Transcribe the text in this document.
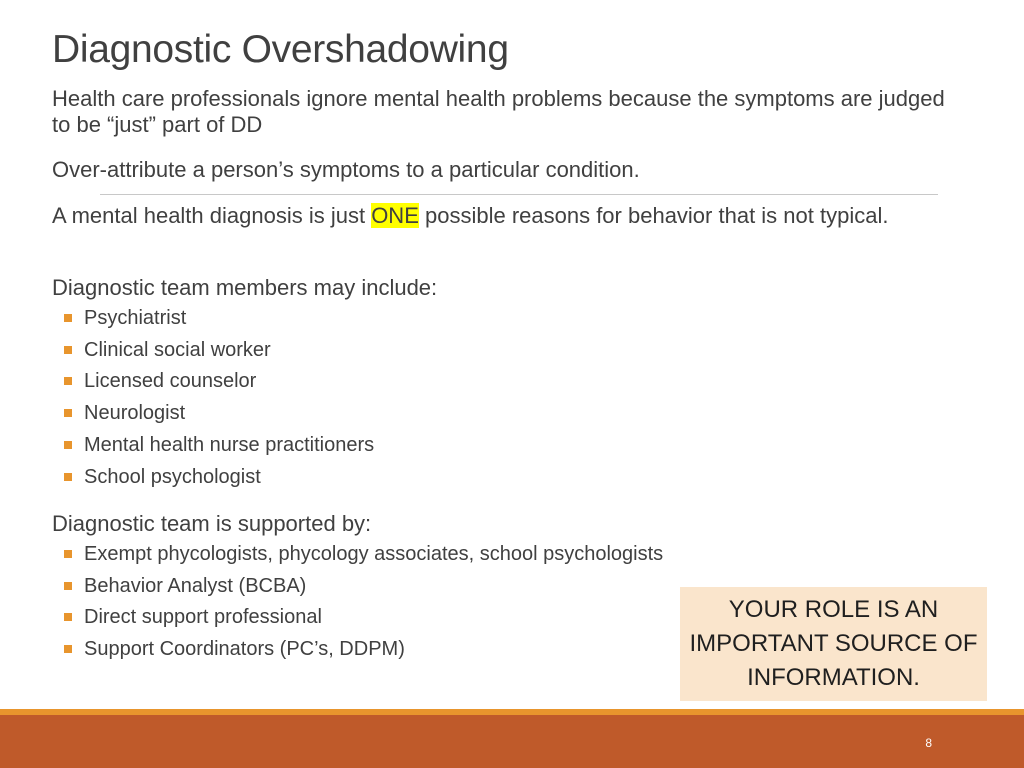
Diagnostic Overshadowing

Health care professionals ignore mental health problems because the symptoms are judged to be “just” part of DD

Over-attribute a person’s symptoms to a particular condition.

A mental health diagnosis is just ONE possible reasons for behavior that is not typical.

Diagnostic team members may include:

Psychiatrist
Clinical social worker
Licensed counselor
Neurologist
Mental health nurse practitioners
School psychologist

Diagnostic team is supported by:

Exempt phycologists, phycology associates, school psychologists
Behavior Analyst (BCBA)
Direct support professional
Support Coordinators (PC’s, DDPM)
YOUR ROLE IS AN
IMPORTANT SOURCE OF
INFORMATION.
8
